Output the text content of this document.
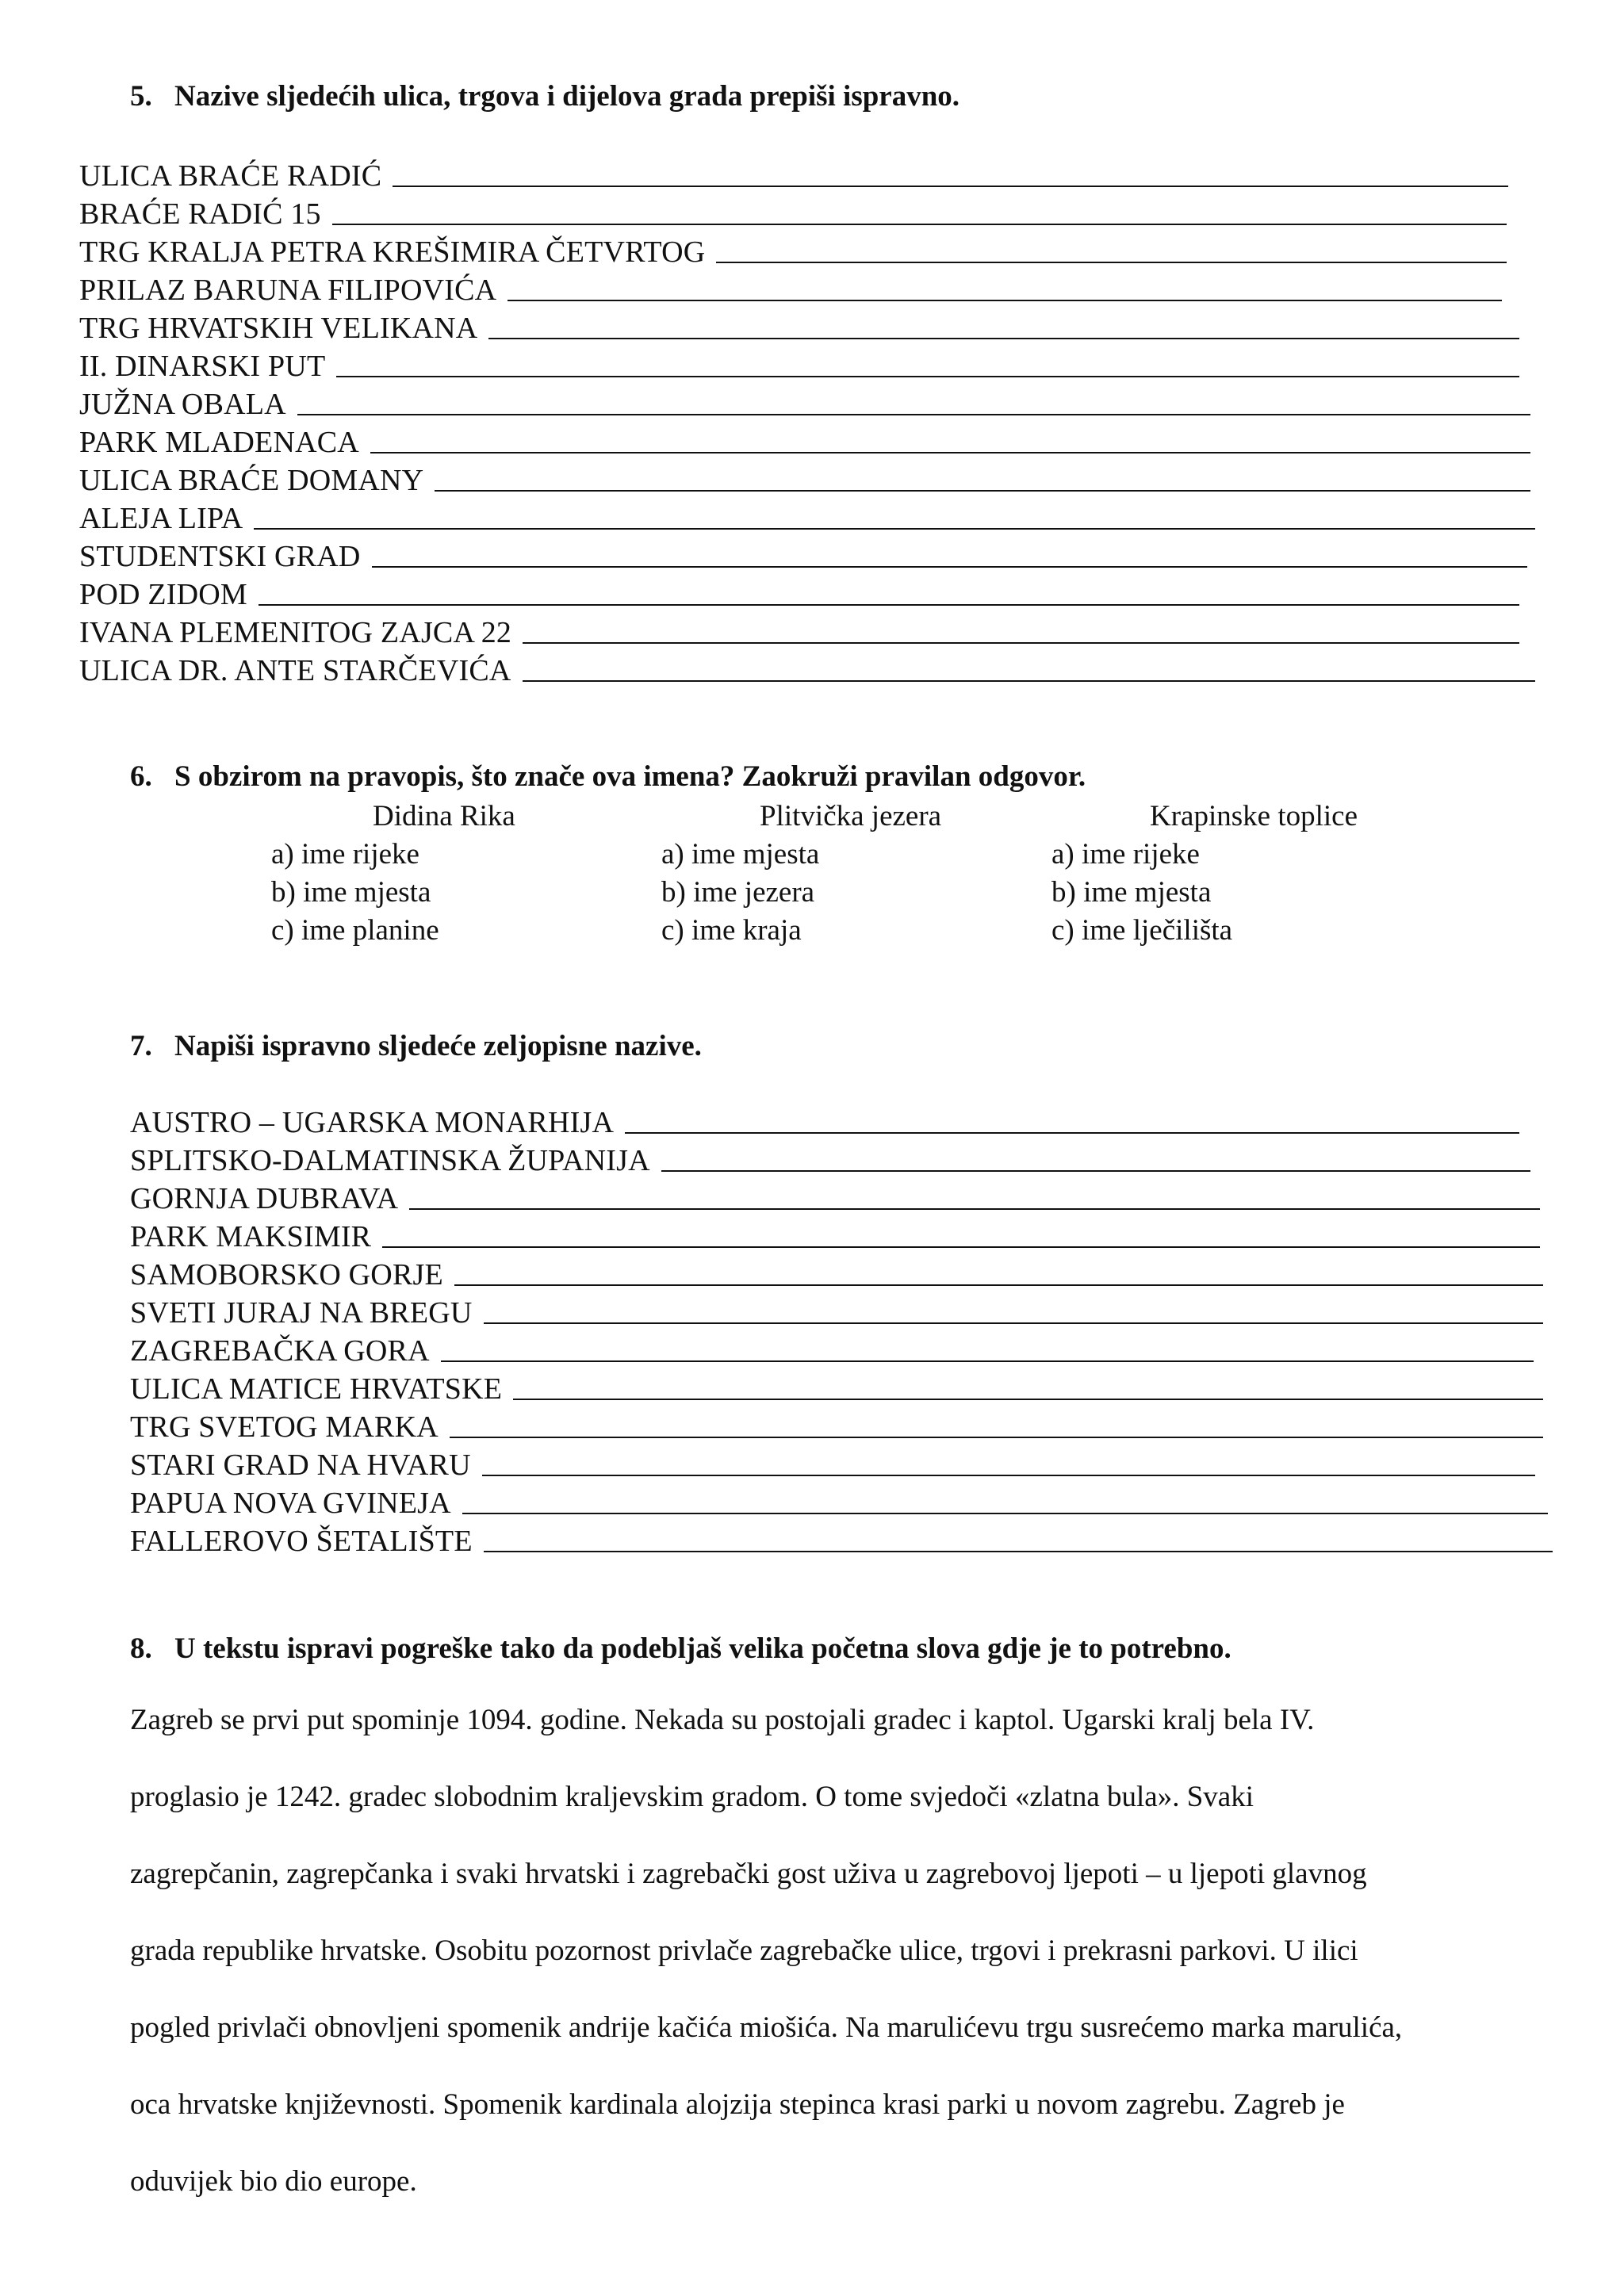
5. Nazive sljedećih ulica, trgova i dijelova grada prepiši ispravno.
ULICA BRAĆE RADIĆ
BRAĆE RADIĆ 15
TRG KRALJA PETRA KREŠIMIRA ČETVRTOG
PRILAZ BARUNA FILIPOVIĆA
TRG HRVATSKIH VELIKANA
II. DINARSKI PUT
JUŽNA OBALA
PARK MLADENACA
ULICA BRAĆE DOMANY
ALEJA LIPA
STUDENTSKI GRAD
POD ZIDOM
IVANA PLEMENITOG ZAJCA 22
ULICA DR. ANTE STARČEVIĆA
6. S obzirom na pravopis, što znače ova imena? Zaokruži pravilan odgovor.
Didina Rika
a) ime rijeke
b) ime mjesta
c) ime planine
Plitvička jezera
a) ime mjesta
b) ime jezera
c) ime kraja
Krapinske toplice
a) ime rijeke
b) ime mjesta
c) ime lječilišta
7. Napiši ispravno sljedeće zeljopisne nazive.
AUSTRO – UGARSKA MONARHIJA
SPLITSKO-DALMATINSKA ŽUPANIJA
GORNJA DUBRAVA
PARK MAKSIMIR
SAMOBORSKO GORJE
SVETI JURAJ NA BREGU
ZAGREBAČKA GORA
ULICA MATICE HRVATSKE
TRG SVETOG MARKA
STARI GRAD NA HVARU
PAPUA NOVA GVINEJA
FALLEROVO ŠETALIŠTE
8. U tekstu ispravi pogreške tako da podebljaš velika početna slova gdje je to potrebno.
Zagreb se prvi put spominje 1094. godine. Nekada su postojali gradec i kaptol. Ugarski kralj bela IV.
proglasio je 1242. gradec slobodnim kraljevskim gradom. O tome svjedoči «zlatna bula». Svaki
zagrepčanin, zagrepčanka i svaki hrvatski i zagrebački gost uživa u zagrebovoj ljepoti – u ljepoti glavnog
grada republike hrvatske. Osobitu pozornost privlače zagrebačke ulice, trgovi i prekrasni parkovi. U ilici
pogled privlači obnovljeni spomenik andrije kačića miošića. Na marulićevu trgu susrećemo marka marulića,
oca hrvatske književnosti. Spomenik kardinala alojzija stepinca krasi parki u novom zagrebu. Zagreb je
oduvijek bio dio europe.
